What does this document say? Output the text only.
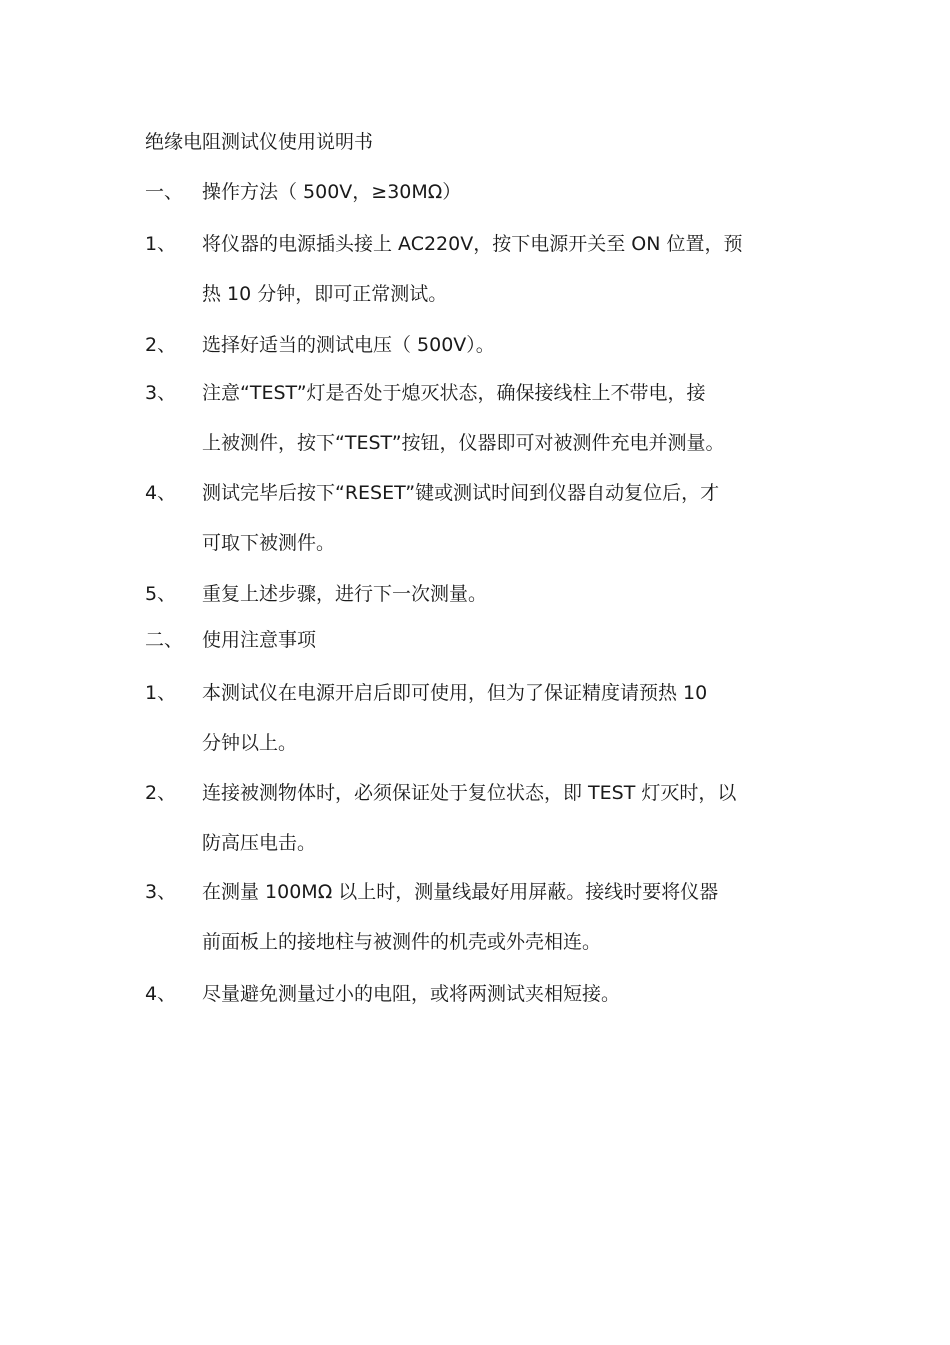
绝缘电阻测试仪使用说明书
一、 操作方法（ 500V，≥30MΩ）
1、 将仪器的电源插头接上 AC220V，按下电源开关至 ON 位置，预
热 10 分钟，即可正常测试。
2、 选择好适当的测试电压（ 500V）。
3、 注意“TEST”灯是否处于熄灭状态，确保接线柱上不带电，接
上被测件，按下“TEST”按钮，仪器即可对被测件充电并测量。
4、 测试完毕后按下“RESET”键或测试时间到仪器自动复位后，才
可取下被测件。
5、 重复上述步骤，进行下一次测量。
二、 使用注意事项
1、 本测试仪在电源开启后即可使用，但为了保证精度请预热 10
分钟以上。
2、 连接被测物体时，必须保证处于复位状态，即 TEST 灯灭时，以
防高压电击。
3、 在测量 100MΩ 以上时，测量线最好用屏蔽。接线时要将仪器
前面板上的接地柱与被测件的机壳或外壳相连。
4、 尽量避免测量过小的电阻，或将两测试夹相短接。
